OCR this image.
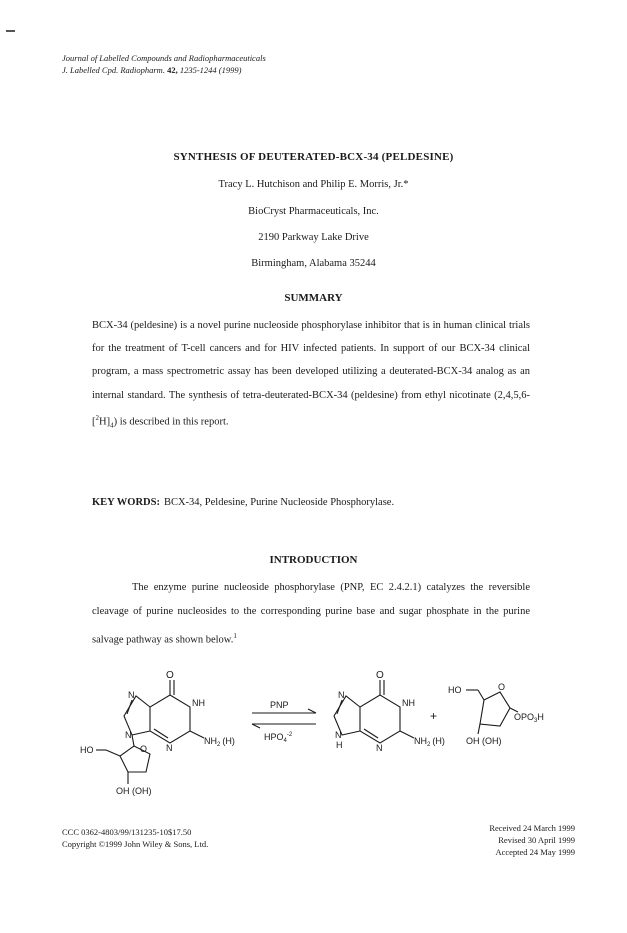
Journal of Labelled Compounds and Radiopharmaceuticals
J. Labelled Cpd. Radiopharm. 42, 1235-1244 (1999)
SYNTHESIS OF DEUTERATED-BCX-34 (PELDESINE)
Tracy L. Hutchison and Philip E. Morris, Jr.*
BioCryst Pharmaceuticals, Inc.
2190 Parkway Lake Drive
Birmingham, Alabama 35244
SUMMARY
BCX-34 (peldesine) is a novel purine nucleoside phosphorylase inhibitor that is in human clinical trials for the treatment of T-cell cancers and for HIV infected patients. In support of our BCX-34 clinical program, a mass spectrometric assay has been developed utilizing a deuterated-BCX-34 analog as an internal standard. The synthesis of tetra-deuterated-BCX-34 (peldesine) from ethyl nicotinate $(2,4,5,6-[^2H]_4)$ is described in this report.
KEY WORDS: BCX-34, Peldesine, Purine Nucleoside Phosphorylase.
INTRODUCTION
The enzyme purine nucleoside phosphorylase (PNP, EC 2.4.2.1) catalyzes the reversible cleavage of purine nucleosides to the corresponding purine base and sugar phosphate in the purine salvage pathway as shown below.$^1$
O
NH
N
N
N
$NH_2$ (H)
O
HO
OH (OH)
PNP
$HPO_4^{-2}$
O
NH
N
N
H	N
$NH_2$ (H)
+
HO	O
$OPO_3H$
OH (OH)
CCC 0362-4803/99/131235-10$17.50
Copyright ©1999 John Wiley & Sons, Ltd.
Received 24 March 1999
Revised 30 April 1999
Accepted 24 May 1999
